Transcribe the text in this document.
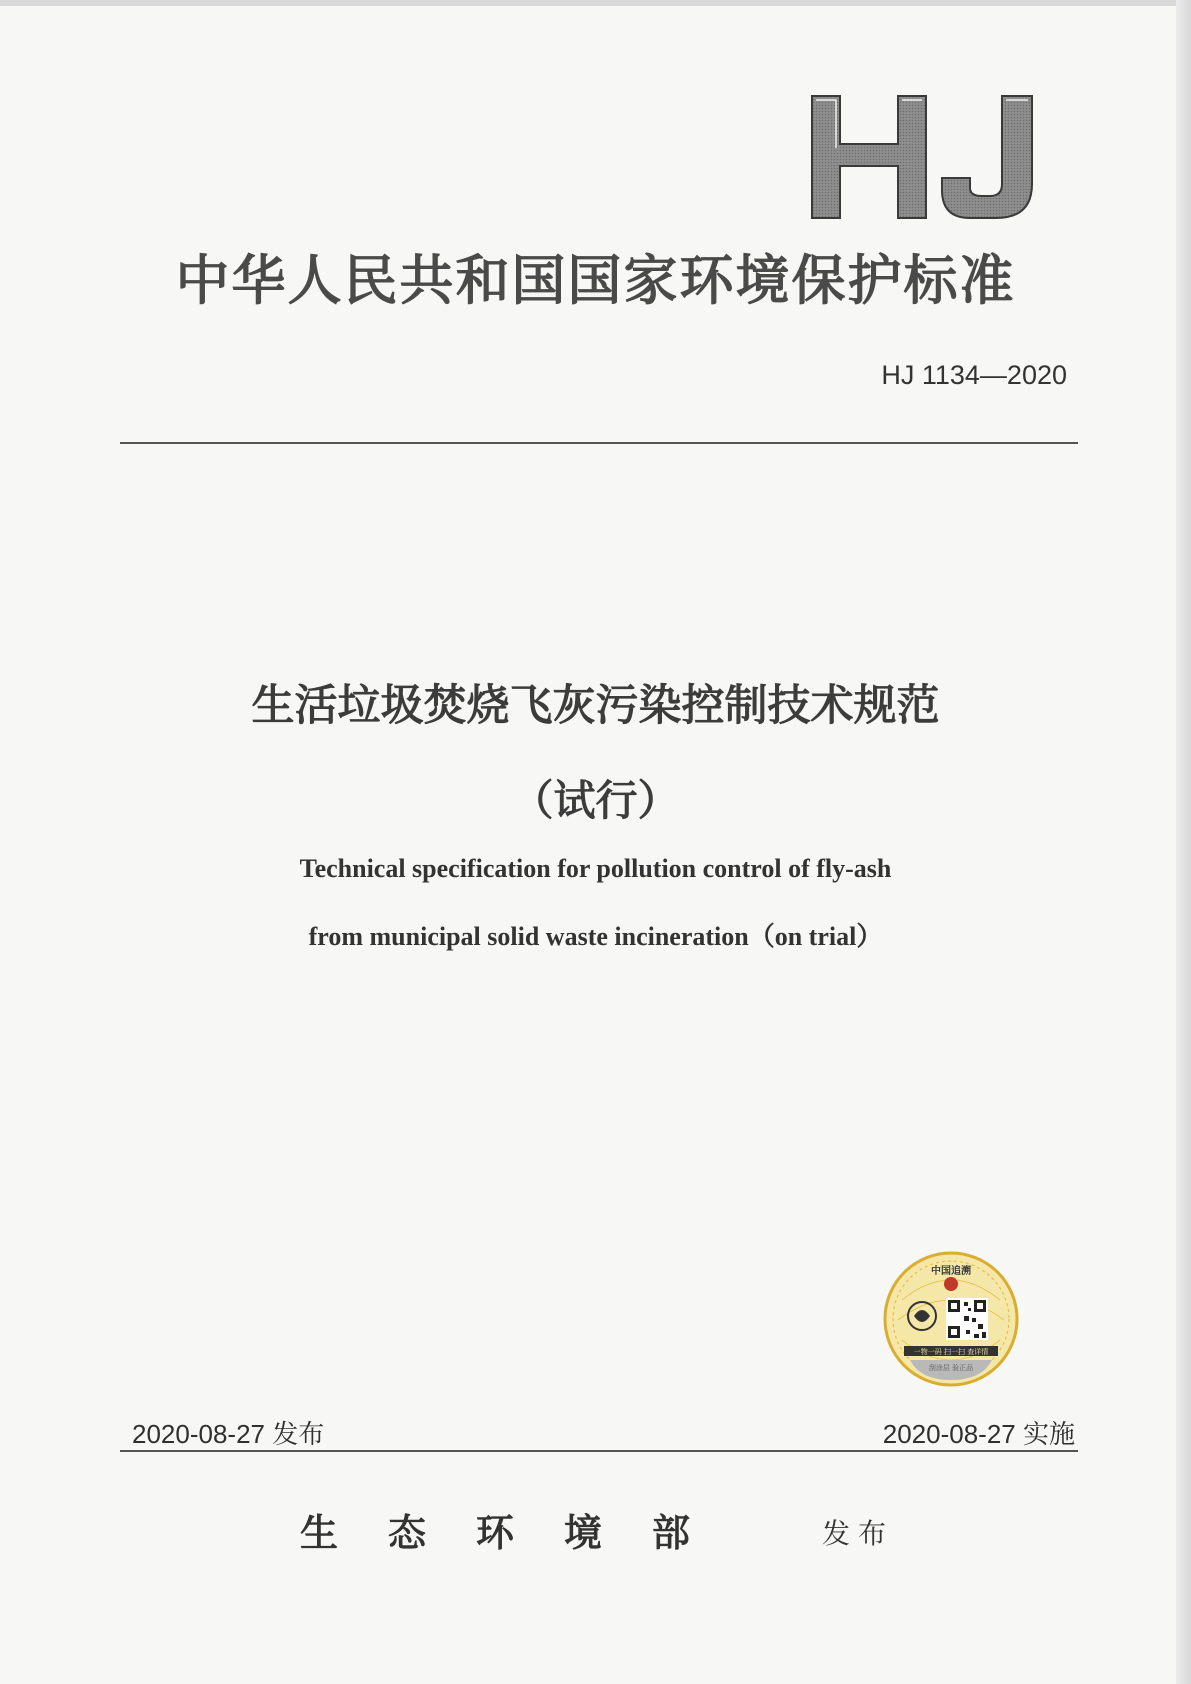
HJ
中华人民共和国国家环境保护标准
HJ 1134—2020
生活垃圾焚烧飞灰污染控制技术规范
（试行）
Technical specification for pollution control of fly-ash
from municipal solid waste incineration（on trial）
中国追溯
一物一码 扫一扫 查详情
刮涂层 验正品
2020-08-27 发布	2020-08-27 实施
生态环境部	发布
